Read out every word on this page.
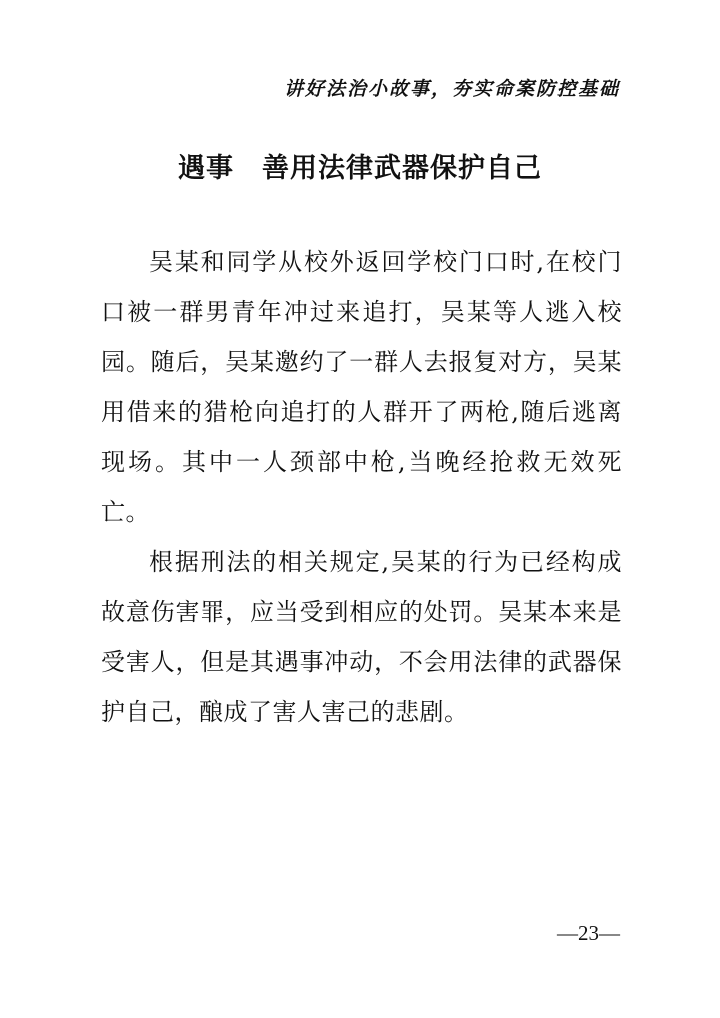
讲好法治小故事，夯实命案防控基础
遇事　善用法律武器保护自己

吴某和同学从校外返回学校门口时,在校门口被一群男青年冲过来追打，吴某等人逃入校园。随后，吴某邀约了一群人去报复对方，吴某用借来的猎枪向追打的人群开了两枪,随后逃离现场。其中一人颈部中枪,当晚经抢救无效死亡。

根据刑法的相关规定,吴某的行为已经构成故意伤害罪，应当受到相应的处罚。吴某本来是受害人，但是其遇事冲动，不会用法律的武器保护自己，酿成了害人害己的悲剧。

—23—
